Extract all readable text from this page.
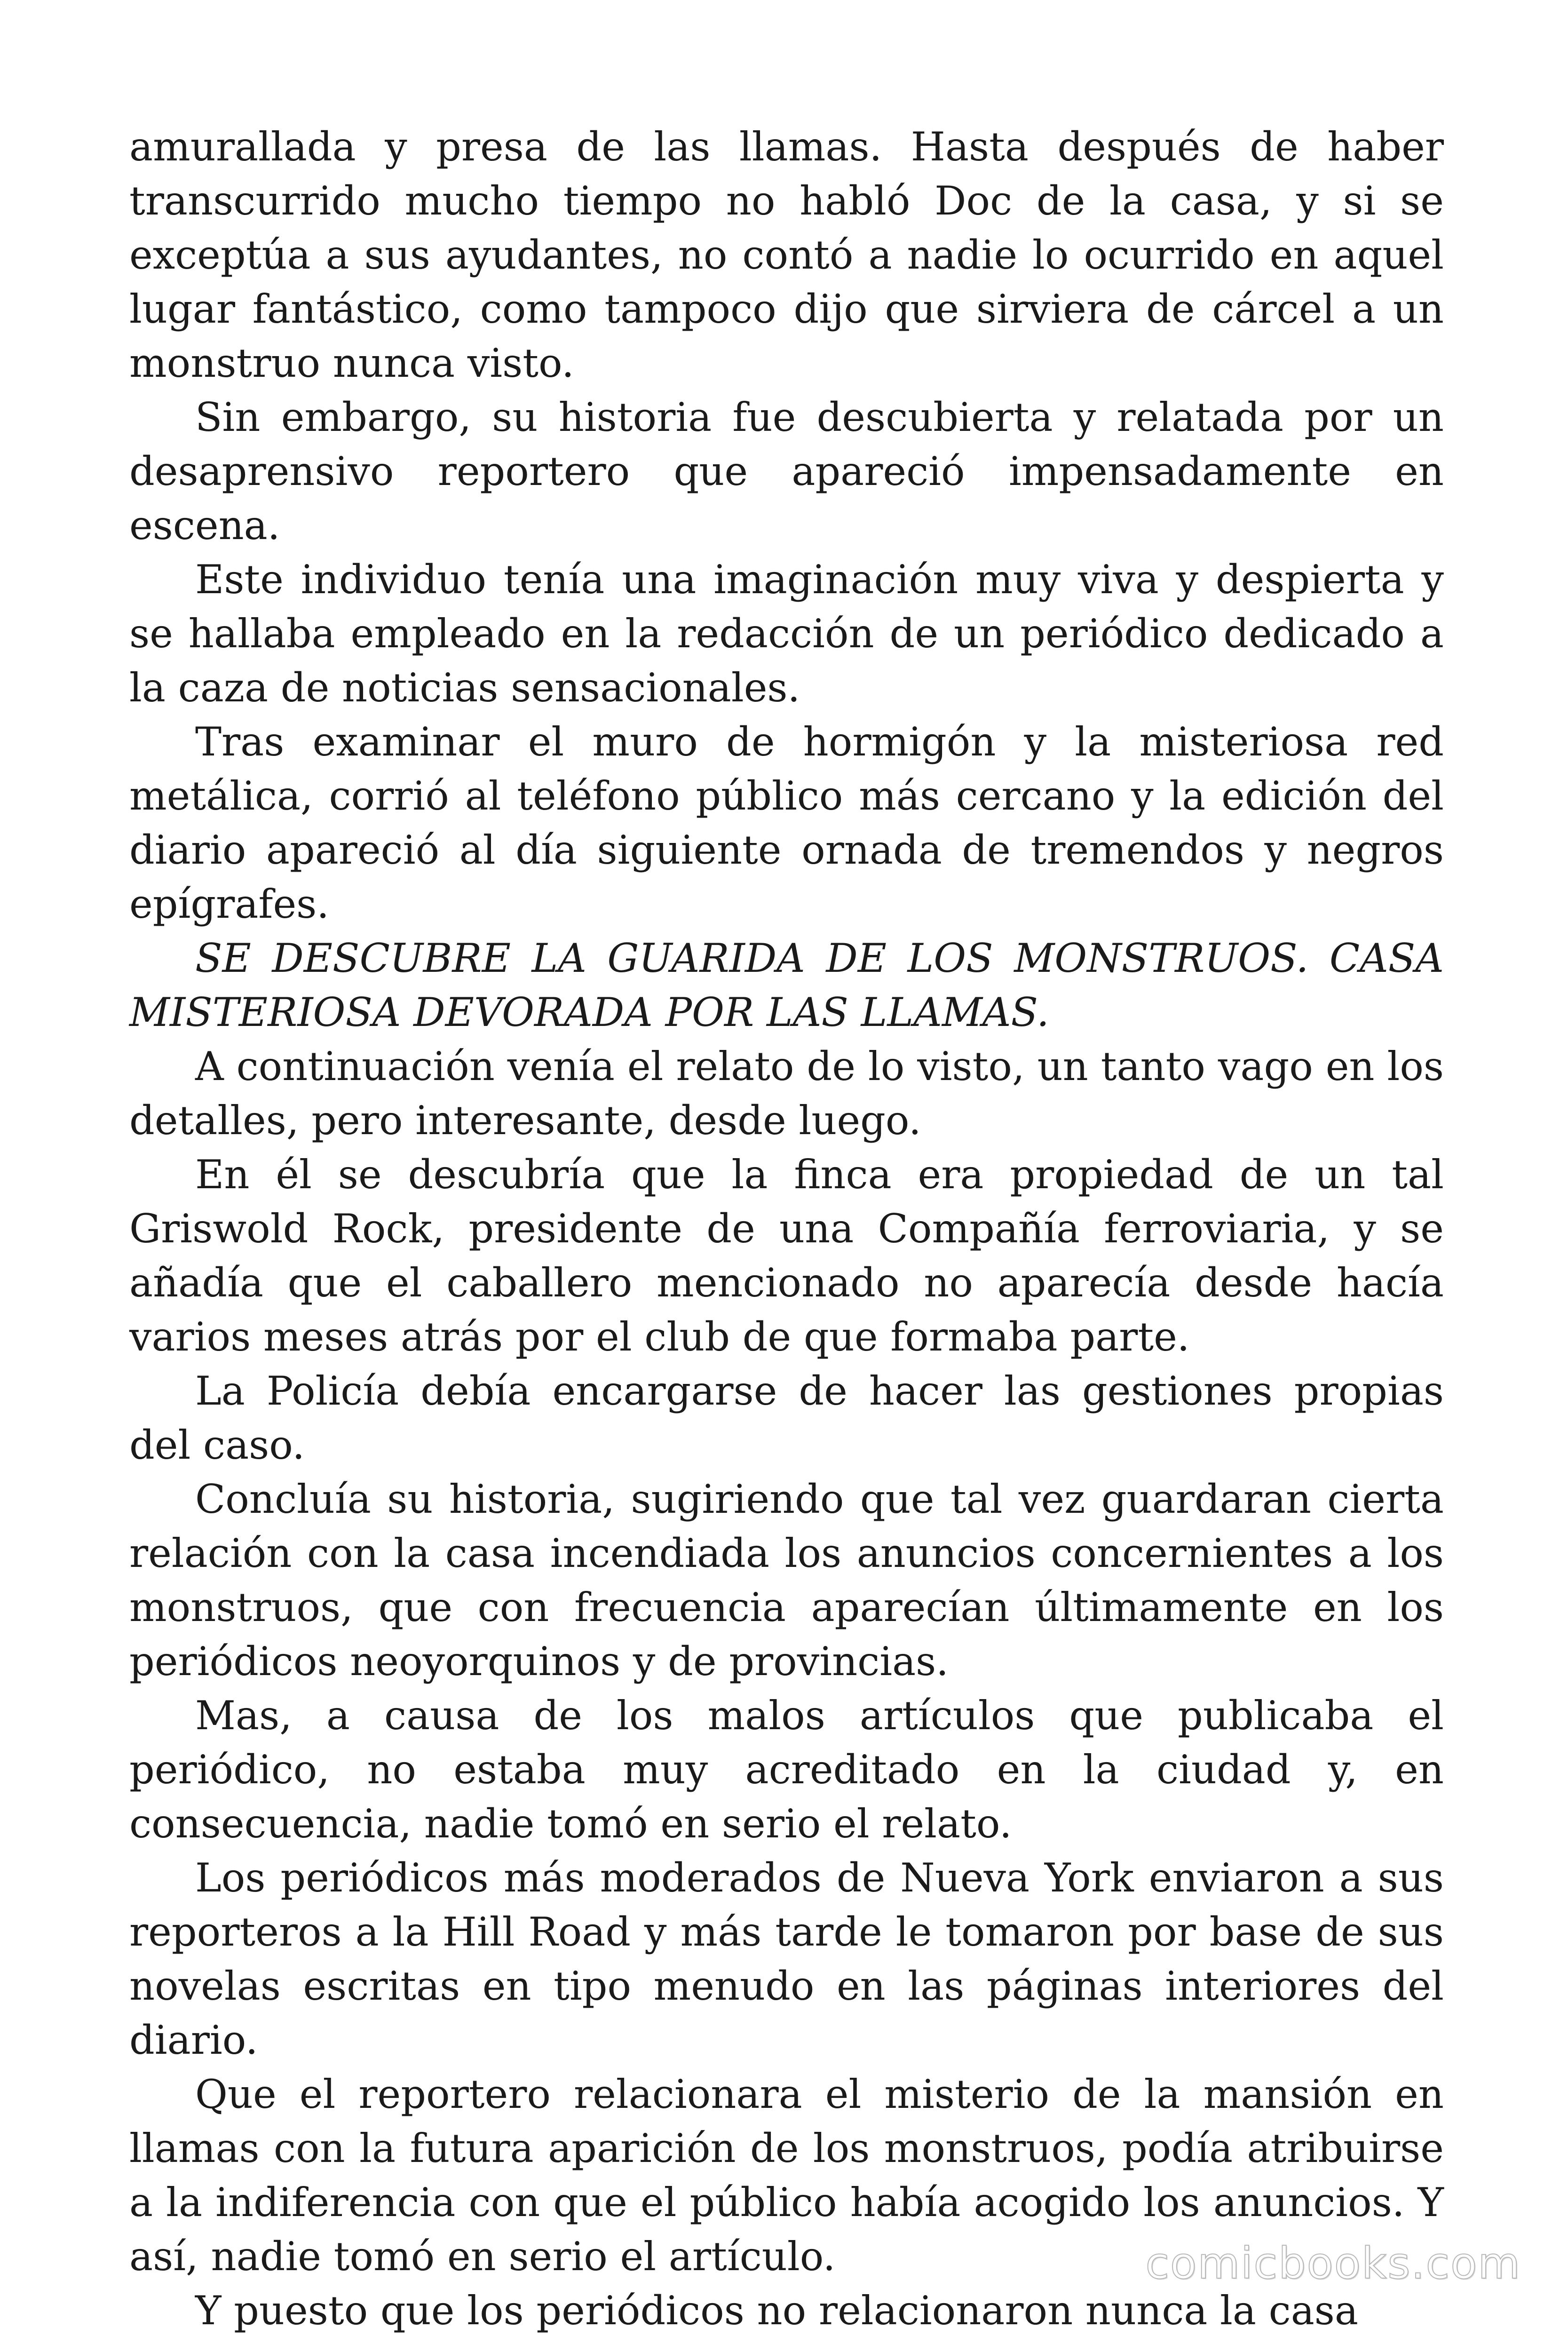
amurallada y presa de las llamas. Hasta después de haber transcurrido mucho tiempo no habló Doc de la casa, y si se exceptúa a sus ayudantes, no contó a nadie lo ocurrido en aquel lugar fantástico, como tampoco dijo que sirviera de cárcel a un monstruo nunca visto.

Sin embargo, su historia fue descubierta y relatada por un desaprensivo reportero que apareció impensadamente en escena.

Este individuo tenía una imaginación muy viva y despierta y se hallaba empleado en la redacción de un periódico dedicado a la caza de noticias sensacionales.

Tras examinar el muro de hormigón y la misteriosa red metálica, corrió al teléfono público más cercano y la edición del diario apareció al día siguiente ornada de tremendos y negros epígrafes.

SE DESCUBRE LA GUARIDA DE LOS MONSTRUOS. CASA MISTERIOSA DEVORADA POR LAS LLAMAS.

A continuación venía el relato de lo visto, un tanto vago en los detalles, pero interesante, desde luego.

En él se descubría que la finca era propiedad de un tal Griswold Rock, presidente de una Compañía ferroviaria, y se añadía que el caballero mencionado no aparecía desde hacía varios meses atrás por el club de que formaba parte.

La Policía debía encargarse de hacer las gestiones propias del caso.

Concluía su historia, sugiriendo que tal vez guardaran cierta relación con la casa incendiada los anuncios concernientes a los monstruos, que con frecuencia aparecían últimamente en los periódicos neoyorquinos y de provincias.

Mas, a causa de los malos artículos que publicaba el periódico, no estaba muy acreditado en la ciudad y, en consecuencia, nadie tomó en serio el relato.

Los periódicos más moderados de Nueva York enviaron a sus reporteros a la Hill Road y más tarde le tomaron por base de sus novelas escritas en tipo menudo en las páginas interiores del diario.

Que el reportero relacionara el misterio de la mansión en llamas con la futura aparición de los monstruos, podía atribuirse a la indiferencia con que el público había acogido los anuncios. Y así, nadie tomó en serio el artículo.

Y puesto que los periódicos no relacionaron nunca la casa

comicbooks.com
